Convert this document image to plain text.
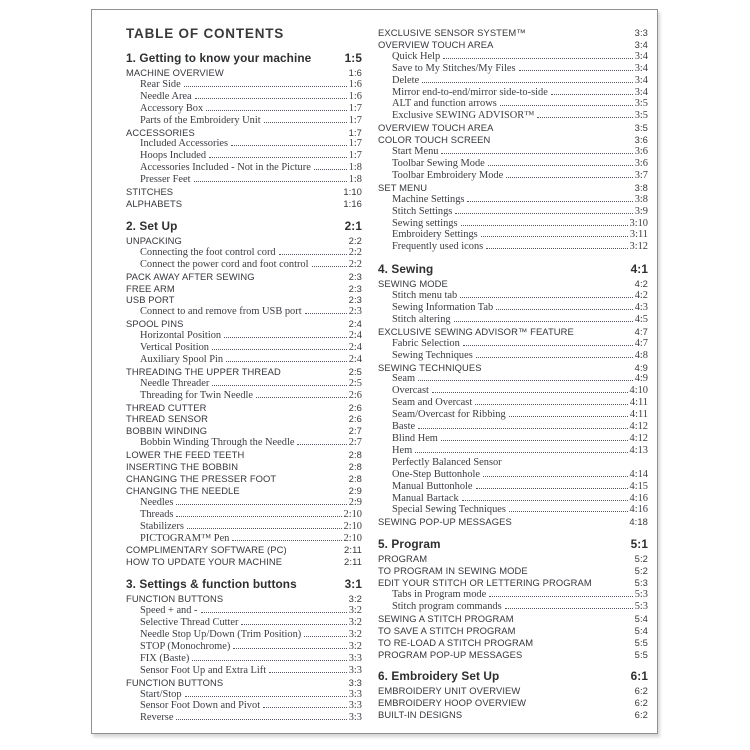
TABLE OF CONTENTS
1. Getting to know your machine	1:5
MACHINE OVERVIEW	1:6
Rear Side	1:6
Needle Area	1:6
Accessory Box	1:7
Parts of the Embroidery Unit	1:7
ACCESSORIES	1:7
Included Accessories	1:7
Hoops Included	1:7
Accessories Included - Not in the Picture	1:8
Presser Feet	1:8
STITCHES	1:10
ALPHABETS	1:16
2. Set Up	2:1
UNPACKING	2:2
Connecting the foot control cord	2:2
Connect the power cord and foot control	2:2
PACK AWAY AFTER SEWING	2:3
FREE ARM	2:3
USB PORT	2:3
Connect to and remove from USB port	2:3
SPOOL PINS	2:4
Horizontal Position	2:4
Vertical Position	2:4
Auxiliary Spool Pin	2:4
THREADING THE UPPER THREAD	2:5
Needle Threader	2:5
Threading for Twin Needle	2:6
THREAD CUTTER	2:6
THREAD SENSOR	2:6
BOBBIN WINDING	2:7
Bobbin Winding Through the Needle	2:7
LOWER THE FEED TEETH	2:8
INSERTING THE BOBBIN	2:8
CHANGING THE PRESSER FOOT	2:8
CHANGING THE NEEDLE	2:9
Needles	2:9
Threads	2:10
Stabilizers	2:10
PICTOGRAM™ Pen	2:10
COMPLIMENTARY SOFTWARE (PC)	2:11
HOW TO UPDATE YOUR MACHINE	2:11
3. Settings & function buttons	3:1
FUNCTION BUTTONS	3:2
Speed + and -	3:2
Selective Thread Cutter	3:2
Needle Stop Up/Down (Trim Position)	3:2
STOP (Monochrome)	3:2
FIX (Baste)	3:3
Sensor Foot Up and Extra Lift	3:3
FUNCTION BUTTONS	3:3
Start/Stop	3:3
Sensor Foot Down and Pivot	3:3
Reverse	3:3
EXCLUSIVE SENSOR SYSTEM™	3:3
OVERVIEW TOUCH AREA	3:4
Quick Help	3:4
Save to My Stitches/My Files	3:4
Delete	3:4
Mirror end-to-end/mirror side-to-side	3:4
ALT and function arrows	3:5
Exclusive SEWING ADVISOR™	3:5
OVERVIEW TOUCH AREA	3:5
COLOR TOUCH SCREEN	3:6
Start Menu	3:6
Toolbar Sewing Mode	3:6
Toolbar Embroidery Mode	3:7
SET MENU	3:8
Machine Settings	3:8
Stitch Settings	3:9
Sewing settings	3:10
Embroidery Settings	3:11
Frequently used icons	3:12
4. Sewing	4:1
SEWING MODE	4:2
Stitch menu tab	4:2
Sewing Information Tab	4:3
Stitch altering	4:5
EXCLUSIVE SEWING ADVISOR™ FEATURE	4:7
Fabric Selection	4:7
Sewing Techniques	4:8
SEWING TECHNIQUES	4:9
Seam	4:9
Overcast	4:10
Seam and Overcast	4:11
Seam/Overcast for Ribbing	4:11
Baste	4:12
Blind Hem	4:12
Hem	4:13
Perfectly Balanced Sensor
One-Step Buttonhole	4:14
Manual Buttonhole	4:15
Manual Bartack	4:16
Special Sewing Techniques	4:16
SEWING POP-UP MESSAGES	4:18
5. Program	5:1
PROGRAM	5:2
TO PROGRAM IN SEWING MODE	5:2
EDIT YOUR STITCH OR LETTERING PROGRAM	5:3
Tabs in Program mode	5:3
Stitch program commands	5:3
SEWING A STITCH PROGRAM	5:4
TO SAVE A STITCH PROGRAM	5:4
TO RE-LOAD A STITCH PROGRAM	5:5
PROGRAM POP-UP MESSAGES	5:5
6. Embroidery Set Up	6:1
EMBROIDERY UNIT OVERVIEW	6:2
EMBROIDERY HOOP OVERVIEW	6:2
BUILT-IN DESIGNS	6:2
